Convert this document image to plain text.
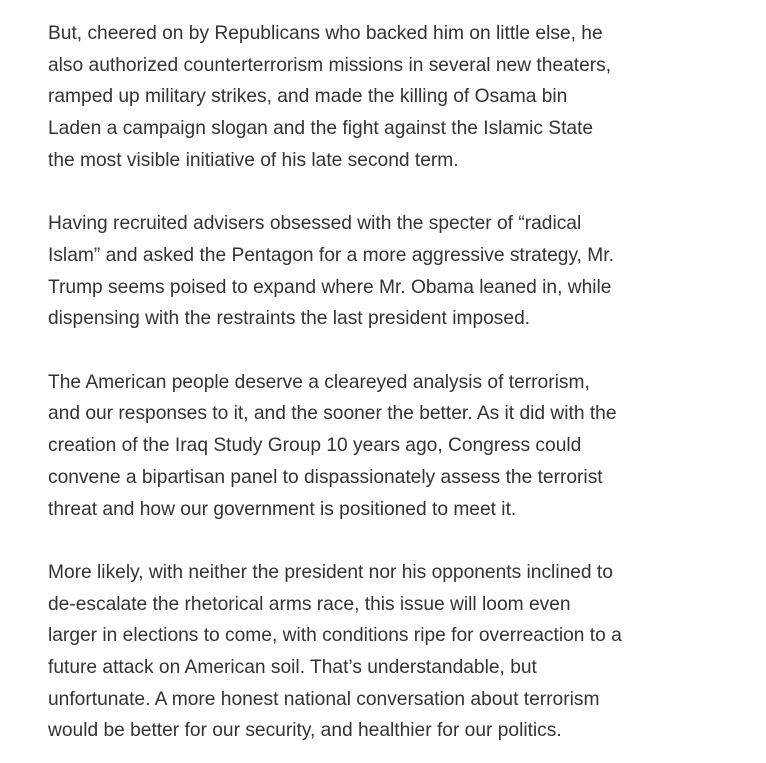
But, cheered on by Republicans who backed him on little else, he
also authorized counterterrorism missions in several new theaters,
ramped up military strikes, and made the killing of Osama bin
Laden a campaign slogan and the fight against the Islamic State
the most visible initiative of his late second term.

Having recruited advisers obsessed with the specter of “radical
Islam” and asked the Pentagon for a more aggressive strategy, Mr.
Trump seems poised to expand where Mr. Obama leaned in, while
dispensing with the restraints the last president imposed.

The American people deserve a cleareyed analysis of terrorism,
and our responses to it, and the sooner the better. As it did with the
creation of the Iraq Study Group 10 years ago, Congress could
convene a bipartisan panel to dispassionately assess the terrorist
threat and how our government is positioned to meet it.

More likely, with neither the president nor his opponents inclined to
de-escalate the rhetorical arms race, this issue will loom even
larger in elections to come, with conditions ripe for overreaction to a
future attack on American soil. That’s understandable, but
unfortunate. A more honest national conversation about terrorism
would be better for our security, and healthier for our politics.
